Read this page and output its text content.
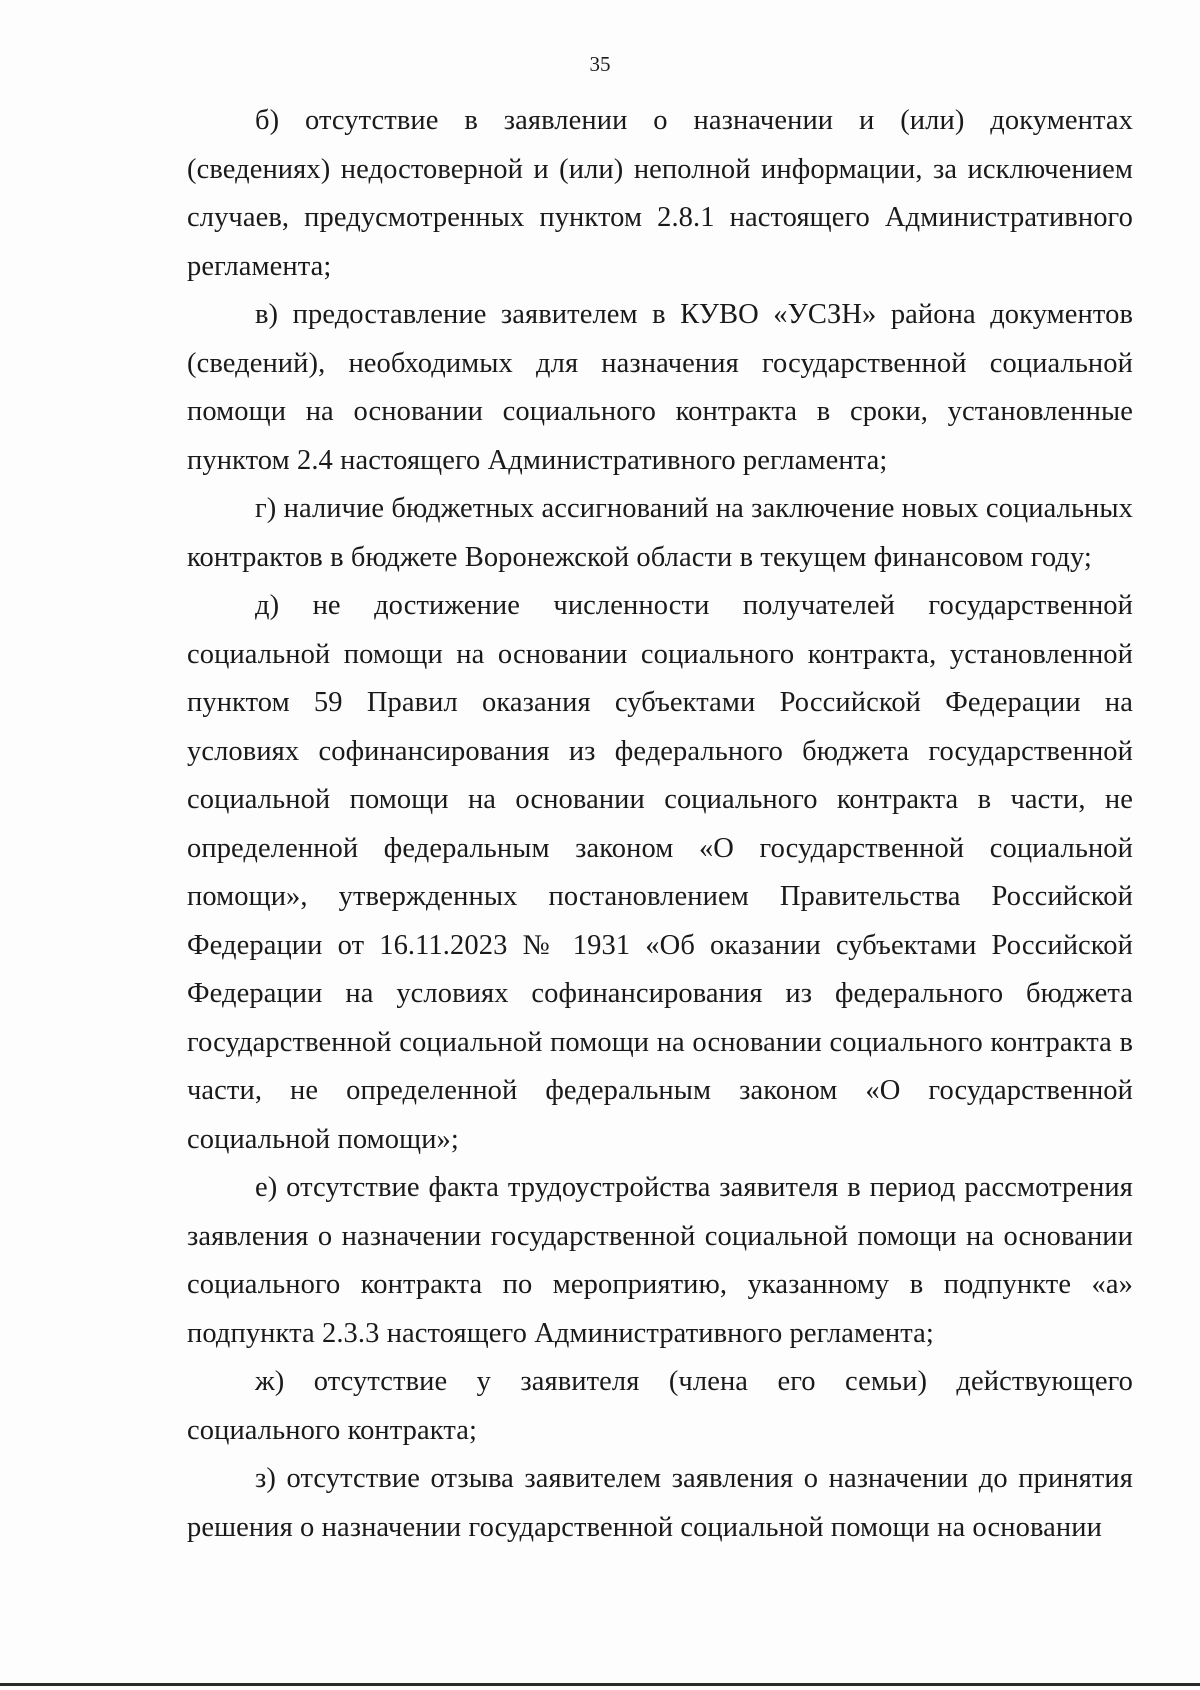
35

б) отсутствие в заявлении о назначении и (или) документах (сведениях) недостоверной и (или) неполной информации, за исключением случаев, предусмотренных пунктом 2.8.1 настоящего Административного регламента;

в) предоставление заявителем в КУВО «УСЗН» района документов (сведений), необходимых для назначения государственной социальной помощи на основании социального контракта в сроки, установленные пунктом 2.4 настоящего Административного регламента;

г) наличие бюджетных ассигнований на заключение новых социальных контрактов в бюджете Воронежской области в текущем финансовом году;

д) не достижение численности получателей государственной социальной помощи на основании социального контракта, установленной пунктом 59 Правил оказания субъектами Российской Федерации на условиях софинансирования из федерального бюджета государственной социальной помощи на основании социального контракта в части, не определенной федеральным законом «О государственной социальной помощи», утвержденных постановлением Правительства Российской Федерации от 16.11.2023 № 1931 «Об оказании субъектами Российской Федерации на условиях софинансирования из федерального бюджета государственной социальной помощи на основании социального контракта в части, не определенной федеральным законом «О государственной социальной помощи»;

е) отсутствие факта трудоустройства заявителя в период рассмотрения заявления о назначении государственной социальной помощи на основании социального контракта по мероприятию, указанному в подпункте «а» подпункта 2.3.3 настоящего Административного регламента;

ж) отсутствие у заявителя (члена его семьи) действующего социального контракта;

з) отсутствие отзыва заявителем заявления о назначении до принятия решения о назначении государственной социальной помощи на основании
